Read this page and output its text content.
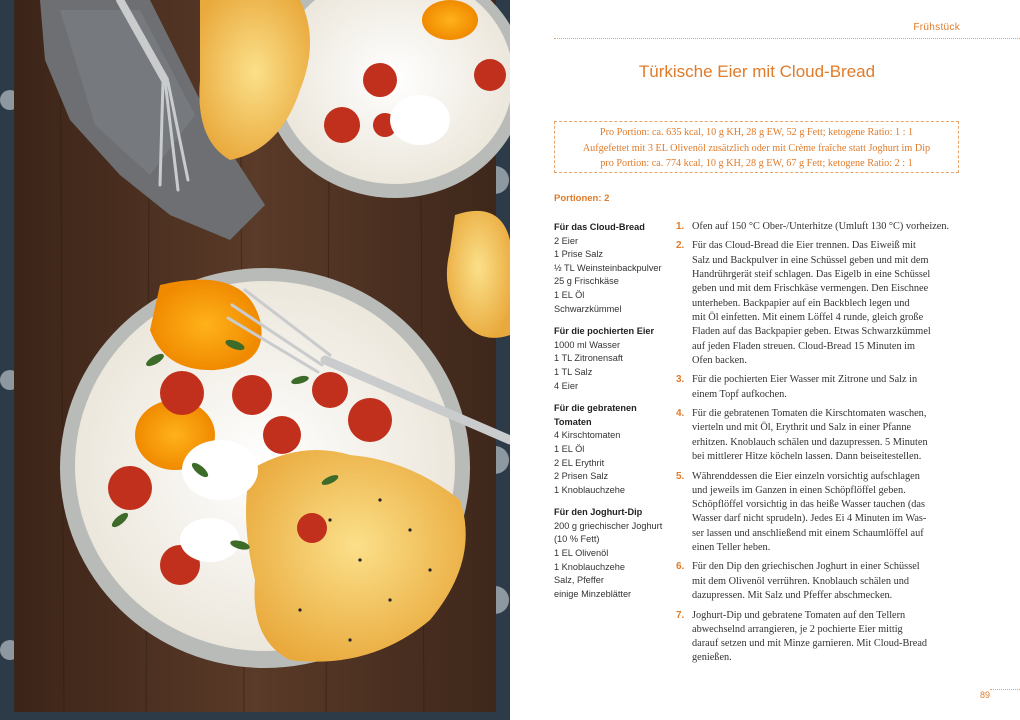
Frühstück
Türkische Eier mit Cloud-Bread
Pro Portion: ca. 635 kcal, 10 g KH, 28 g EW, 52 g Fett; ketogene Ratio: 1 : 1
Aufgefettet mit 3 EL Olivenöl zusätzlich oder mit Crème fraîche statt Joghurt im Dip
pro Portion: ca. 774 kcal, 10 g KH, 28 g EW, 67 g Fett; ketogene Ratio: 2 : 1
Portionen: 2
Für das Cloud-Bread
2 Eier
1 Prise Salz
½ TL Weinsteinbackpulver
25 g Frischkäse
1 EL Öl
Schwarzkümmel
Für die pochierten Eier
1000 ml Wasser
1 TL Zitronensaft
1 TL Salz
4 Eier
Für die gebratenen Tomaten
4 Kirschtomaten
1 EL Öl
2 EL Erythrit
2 Prisen Salz
1 Knoblauchzehe
Für den Joghurt-Dip
200 g griechischer Joghurt
(10 % Fett)
1 EL Olivenöl
1 Knoblauchzehe
Salz, Pfeffer
einige Minzeblätter
1. Ofen auf 150 °C Ober-/Unterhitze (Umluft 130 °C) vorheizen.
2. Für das Cloud-Bread die Eier trennen. Das Eiweiß mit
Salz und Backpulver in eine Schüssel geben und mit dem
Handrührgerät steif schlagen. Das Eigelb in eine Schüssel
geben und mit dem Frischkäse vermengen. Den Eischnee
unterheben. Backpapier auf ein Backblech legen und
mit Öl einfetten. Mit einem Löffel 4 runde, gleich große
Fladen auf das Backpapier geben. Etwas Schwarzkümmel
auf jeden Fladen streuen. Cloud-Bread 15 Minuten im
Ofen backen.
3. Für die pochierten Eier Wasser mit Zitrone und Salz in
einem Topf aufkochen.
4. Für die gebratenen Tomaten die Kirschtomaten waschen,
vierteln und mit Öl, Erythrit und Salz in einer Pfanne
erhitzen. Knoblauch schälen und dazupressen. 5 Minuten
bei mittlerer Hitze köcheln lassen. Dann beiseitestellen.
5. Währenddessen die Eier einzeln vorsichtig aufschlagen
und jeweils im Ganzen in einen Schöpflöffel geben.
Schöpflöffel vorsichtig in das heiße Wasser tauchen (das
Wasser darf nicht sprudeln). Jedes Ei 4 Minuten im Was-
ser lassen und anschließend mit einem Schaumlöffel auf
einen Teller heben.
6. Für den Dip den griechischen Joghurt in einer Schüssel
mit dem Olivenöl verrühren. Knoblauch schälen und
dazupressen. Mit Salz und Pfeffer abschmecken.
7. Joghurt-Dip und gebratene Tomaten auf den Tellern
abwechselnd arrangieren, je 2 pochierte Eier mittig
darauf setzen und mit Minze garnieren. Mit Cloud-Bread
genießen.
89
